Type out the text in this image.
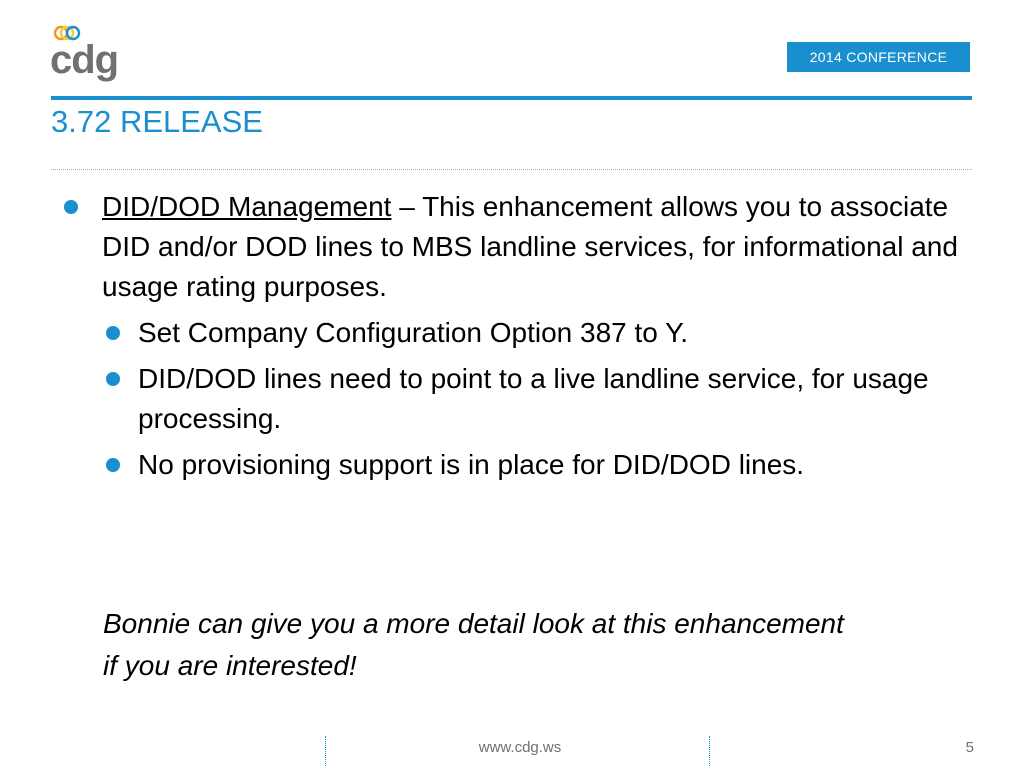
cdg	2014 CONFERENCE
3.72 RELEASE
DID/DOD Management – This enhancement allows you to associate DID and/or DOD lines to MBS landline services, for informational and usage rating purposes.
Set Company Configuration Option 387 to Y.
DID/DOD lines need to point to a live landline service, for usage processing.
No provisioning support is in place for DID/DOD lines.
Bonnie can give you a more detail look at this enhancement if you are interested!
www.cdg.ws	5
